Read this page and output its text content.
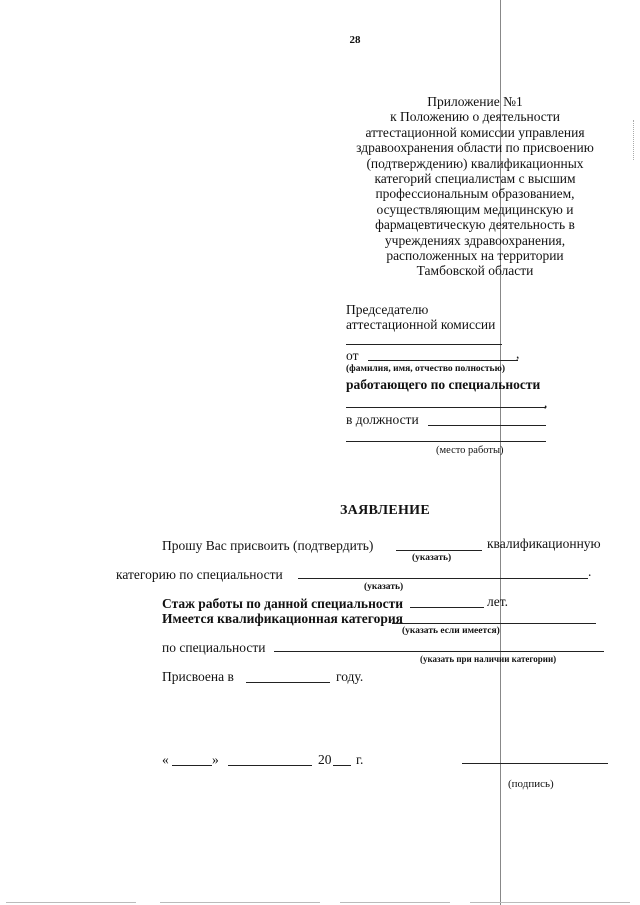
28
Приложение №1
к Положению о деятельности
аттестационной комиссии управления
здравоохранения области по присвоению
(подтверждению) квалификационных
категорий специалистам с высшим
профессиональным образованием,
осуществляющим медицинскую и
фармацевтическую деятельность в
учреждениях здравоохранения,
расположенных на территории
Тамбовской области
Председателю
аттестационной комиссии
от	,
(фамилия, имя, отчество полностью)
работающего по специальности
,
в должности
(место работы)
ЗАЯВЛЕНИЕ
Прошу Вас присвоить (подтвердить)	квалификационную
(указать)
категорию по специальности	.
(указать)
Стаж работы по данной специальности	лет.
Имеется квалификационная категория
(указать если имеется)
по специальности
(указать при наличии категории)
Присвоена в	году.
«	»	20 г.
(подпись)
